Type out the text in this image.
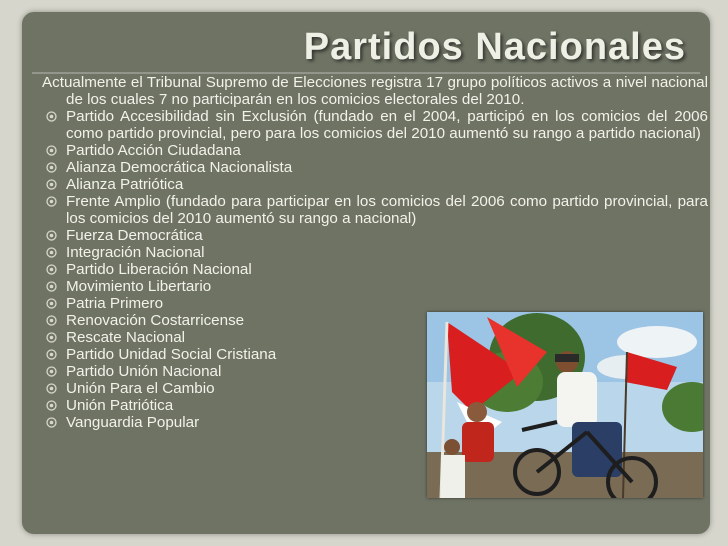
Partidos Nacionales

Actualmente el Tribunal Supremo de Elecciones registra 17 grupo políticos activos a nivel nacional de los cuales 7 no participarán en los comicios electorales del 2010.

Partido Accesibilidad sin Exclusión (fundado en el 2004, participó en los comicios del 2006 como partido provincial, pero para los comicios del 2010 aumentó su rango a partido nacional)
Partido Acción Ciudadana
Alianza Democrática Nacionalista
Alianza Patriótica
Frente Amplio (fundado para participar en los comicios del 2006 como partido provincial, para los comicios del 2010 aumentó su rango a nacional)
Fuerza Democrática
Integración Nacional
Partido Liberación Nacional
Movimiento Libertario
Patria Primero
Renovación Costarricense
Rescate Nacional
Partido Unidad Social Cristiana
Partido Unión Nacional
Unión Para el Cambio
Unión Patriótica
Vanguardia Popular
